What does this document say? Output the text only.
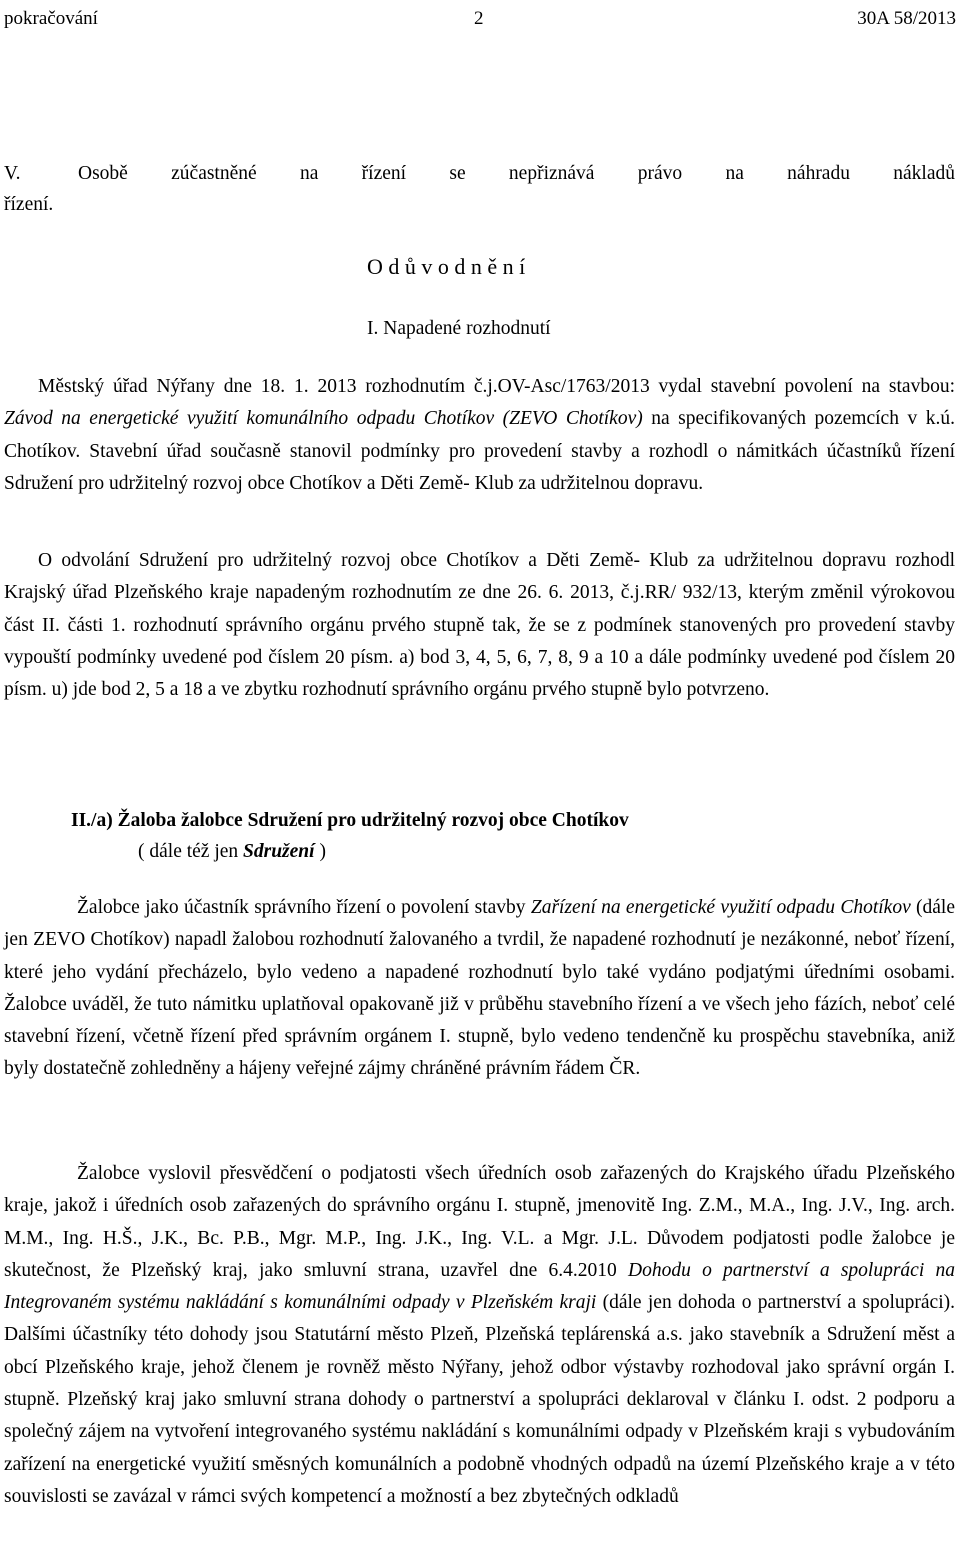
pokračování	2	30A 58/2013
V.	Osobě zúčastněné na řízení se nepřiznává právo na náhradu nákladů
řízení.
O d ů v o d n ě n í
I. Napadené rozhodnutí

Městský úřad Nýřany dne 18. 1. 2013 rozhodnutím č.j.OV-Asc/1763/2013 vydal stavební povolení na stavbou: Závod na energetické využití komunálního odpadu Chotíkov (ZEVO Chotíkov) na specifikovaných pozemcích v k.ú. Chotíkov. Stavební úřad současně stanovil podmínky pro provedení stavby a rozhodl o námitkách účastníků řízení Sdružení pro udržitelný rozvoj obce Chotíkov a Děti Země- Klub za udržitelnou dopravu.

O odvolání Sdružení pro udržitelný rozvoj obce Chotíkov a Děti Země- Klub za udržitelnou dopravu rozhodl Krajský úřad Plzeňského kraje napadeným rozhodnutím ze dne 26. 6. 2013, č.j.RR/ 932/13, kterým změnil výrokovou část II. části 1. rozhodnutí správního orgánu prvého stupně tak, že se z podmínek stanovených pro provedení stavby vypouští podmínky uvedené pod číslem 20 písm. a) bod 3, 4, 5, 6, 7, 8, 9 a 10 a dále podmínky uvedené pod číslem 20 písm. u) jde bod 2, 5 a 18 a ve zbytku rozhodnutí správního orgánu prvého stupně bylo potvrzeno.

II./a) Žaloba žalobce Sdružení pro udržitelný rozvoj obce Chotíkov
( dále též jen Sdružení )

Žalobce jako účastník správního řízení o povolení stavby Zařízení na energetické využití odpadu Chotíkov (dále jen ZEVO Chotíkov) napadl žalobou rozhodnutí žalovaného a tvrdil, že napadené rozhodnutí je nezákonné, neboť řízení, které jeho vydání přecházelo, bylo vedeno a napadené rozhodnutí bylo také vydáno podjatými úředními osobami. Žalobce uváděl, že tuto námitku uplatňoval opakovaně již v průběhu stavebního řízení a ve všech jeho fázích, neboť celé stavební řízení, včetně řízení před správním orgánem I. stupně, bylo vedeno tendenčně ku prospěchu stavebníka, aniž byly dostatečně zohledněny a hájeny veřejné zájmy chráněné právním řádem ČR.

Žalobce vyslovil přesvědčení o podjatosti všech úředních osob zařazených do Krajského úřadu Plzeňského kraje, jakož i úředních osob zařazených do správního orgánu I. stupně, jmenovitě Ing. Z.M., M.A., Ing. J.V., Ing. arch. M.M., Ing. H.Š., J.K., Bc. P.B., Mgr. M.P., Ing. J.K., Ing. V.L. a Mgr. J.L. Důvodem podjatosti podle žalobce je skutečnost, že Plzeňský kraj, jako smluvní strana, uzavřel dne 6.4.2010 Dohodu o partnerství a spolupráci na Integrovaném systému nakládání s komunálními odpady v Plzeňském kraji (dále jen dohoda o partnerství a spolupráci). Dalšími účastníky této dohody jsou Statutární město Plzeň, Plzeňská teplárenská a.s. jako stavebník a Sdružení měst a obcí Plzeňského kraje, jehož členem je rovněž město Nýřany, jehož odbor výstavby rozhodoval jako správní orgán I. stupně. Plzeňský kraj jako smluvní strana dohody o partnerství a spolupráci deklaroval v článku I. odst. 2 podporu a společný zájem na vytvoření integrovaného systému nakládání s komunálními odpady v Plzeňském kraji s vybudováním zařízení na energetické využití směsných komunálních a podobně vhodných odpadů na území Plzeňského kraje a v této souvislosti se zavázal v rámci svých kompetencí a možností a bez zbytečných odkladů
